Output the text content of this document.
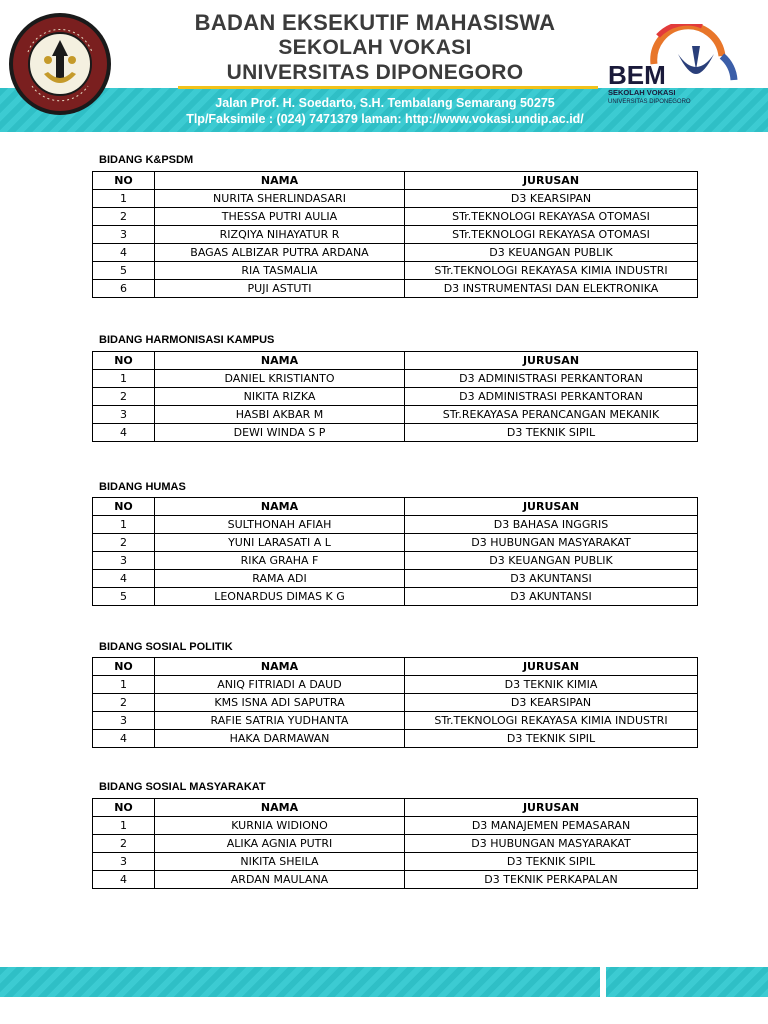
BADAN EKSEKUTIF MAHASISWA
SEKOLAH VOKASI
UNIVERSITAS DIPONEGORO
Jalan Prof. H. Soedarto, S.H. Tembalang Semarang 50275
Tlp/Faksimile : (024) 7471379 laman: http://www.vokasi.undip.ac.id/
BEM
SEKOLAH VOKASI
UNIVERSITAS DIPONEGORO
BIDANG K&PSDM
NO	NAMA	JURUSAN
1	NURITA SHERLINDASARI	D3 KEARSIPAN
2	THESSA PUTRI AULIA	STr.TEKNOLOGI REKAYASA OTOMASI
3	RIZQIYA NIHAYATUR R	STr.TEKNOLOGI REKAYASA OTOMASI
4	BAGAS ALBIZAR PUTRA ARDANA	D3 KEUANGAN PUBLIK
5	RIA TASMALIA	STr.TEKNOLOGI REKAYASA KIMIA INDUSTRI
6	PUJI ASTUTI	D3 INSTRUMENTASI DAN ELEKTRONIKA
BIDANG HARMONISASI KAMPUS
NO	NAMA	JURUSAN
1	DANIEL KRISTIANTO	D3 ADMINISTRASI PERKANTORAN
2	NIKITA RIZKA	D3 ADMINISTRASI PERKANTORAN
3	HASBI AKBAR M	STr.REKAYASA PERANCANGAN MEKANIK
4	DEWI WINDA S P	D3 TEKNIK SIPIL
BIDANG HUMAS
NO	NAMA	JURUSAN
1	SULTHONAH AFIAH	D3 BAHASA INGGRIS
2	YUNI LARASATI A L	D3 HUBUNGAN MASYARAKAT
3	RIKA GRAHA F	D3 KEUANGAN PUBLIK
4	RAMA ADI	D3 AKUNTANSI
5	LEONARDUS DIMAS K G	D3 AKUNTANSI
BIDANG SOSIAL POLITIK
NO	NAMA	JURUSAN
1	ANIQ FITRIADI A DAUD	D3 TEKNIK KIMIA
2	KMS ISNA ADI SAPUTRA	D3 KEARSIPAN
3	RAFIE SATRIA YUDHANTA	STr.TEKNOLOGI REKAYASA KIMIA INDUSTRI
4	HAKA DARMAWAN	D3 TEKNIK SIPIL
BIDANG SOSIAL MASYARAKAT
NO	NAMA	JURUSAN
1	KURNIA WIDIONO	D3 MANAJEMEN PEMASARAN
2	ALIKA AGNIA PUTRI	D3 HUBUNGAN MASYARAKAT
3	NIKITA SHEILA	D3 TEKNIK SIPIL
4	ARDAN MAULANA	D3 TEKNIK PERKAPALAN
